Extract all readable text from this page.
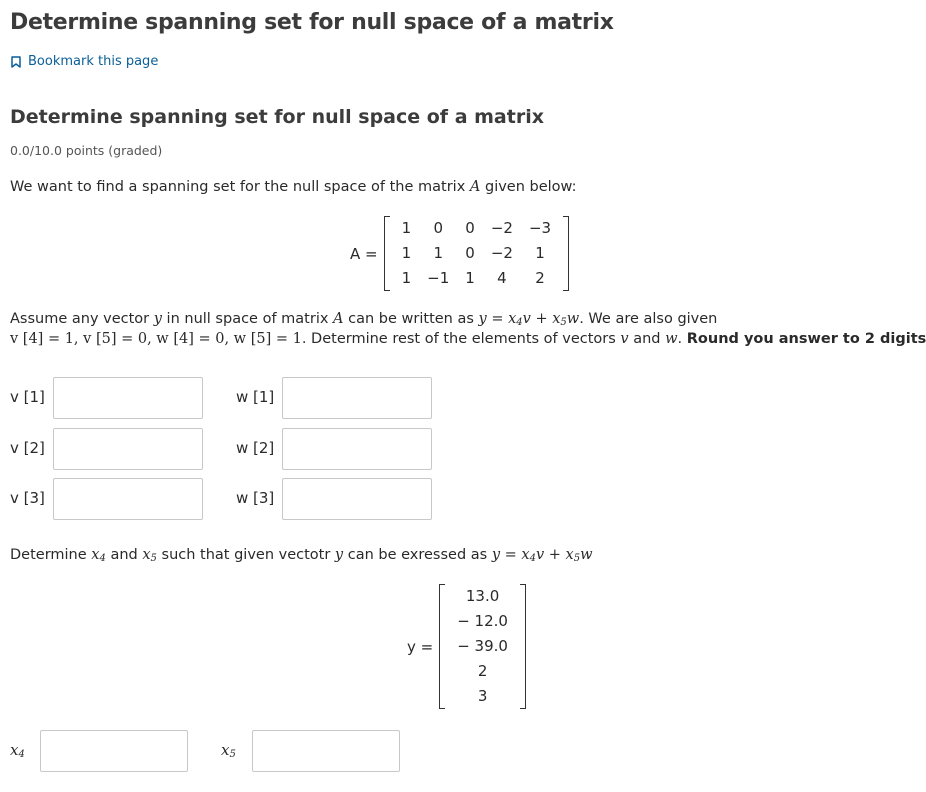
Determine spanning set for null space of a matrix
Bookmark this page
Determine spanning set for null space of a matrix
0.0/10.0 points (graded)
We want to find a spanning set for the null space of the matrix A given below:
A =
1	0	0	−2	−3
1	1	0	−2	1
1	−1	1	4	2
Assume any vector y in null space of matrix A can be written as $y = x_4v + x_5w$. We are also given
v [4] = 1, v [5] = 0, w [4] = 0, w [5] = 1. Determine rest of the elements of vectors v and w. Round you answer to 2 digits
v [1]	w [1]
v [2]	w [2]
v [3]	w [3]
Determine $x_4$ and $x_5$ such that given vectotr y can be exressed as $y = x_4v + x_5w$
y =
13.0
− 12.0
− 39.0
2
3
$x_4$	$x_5$
